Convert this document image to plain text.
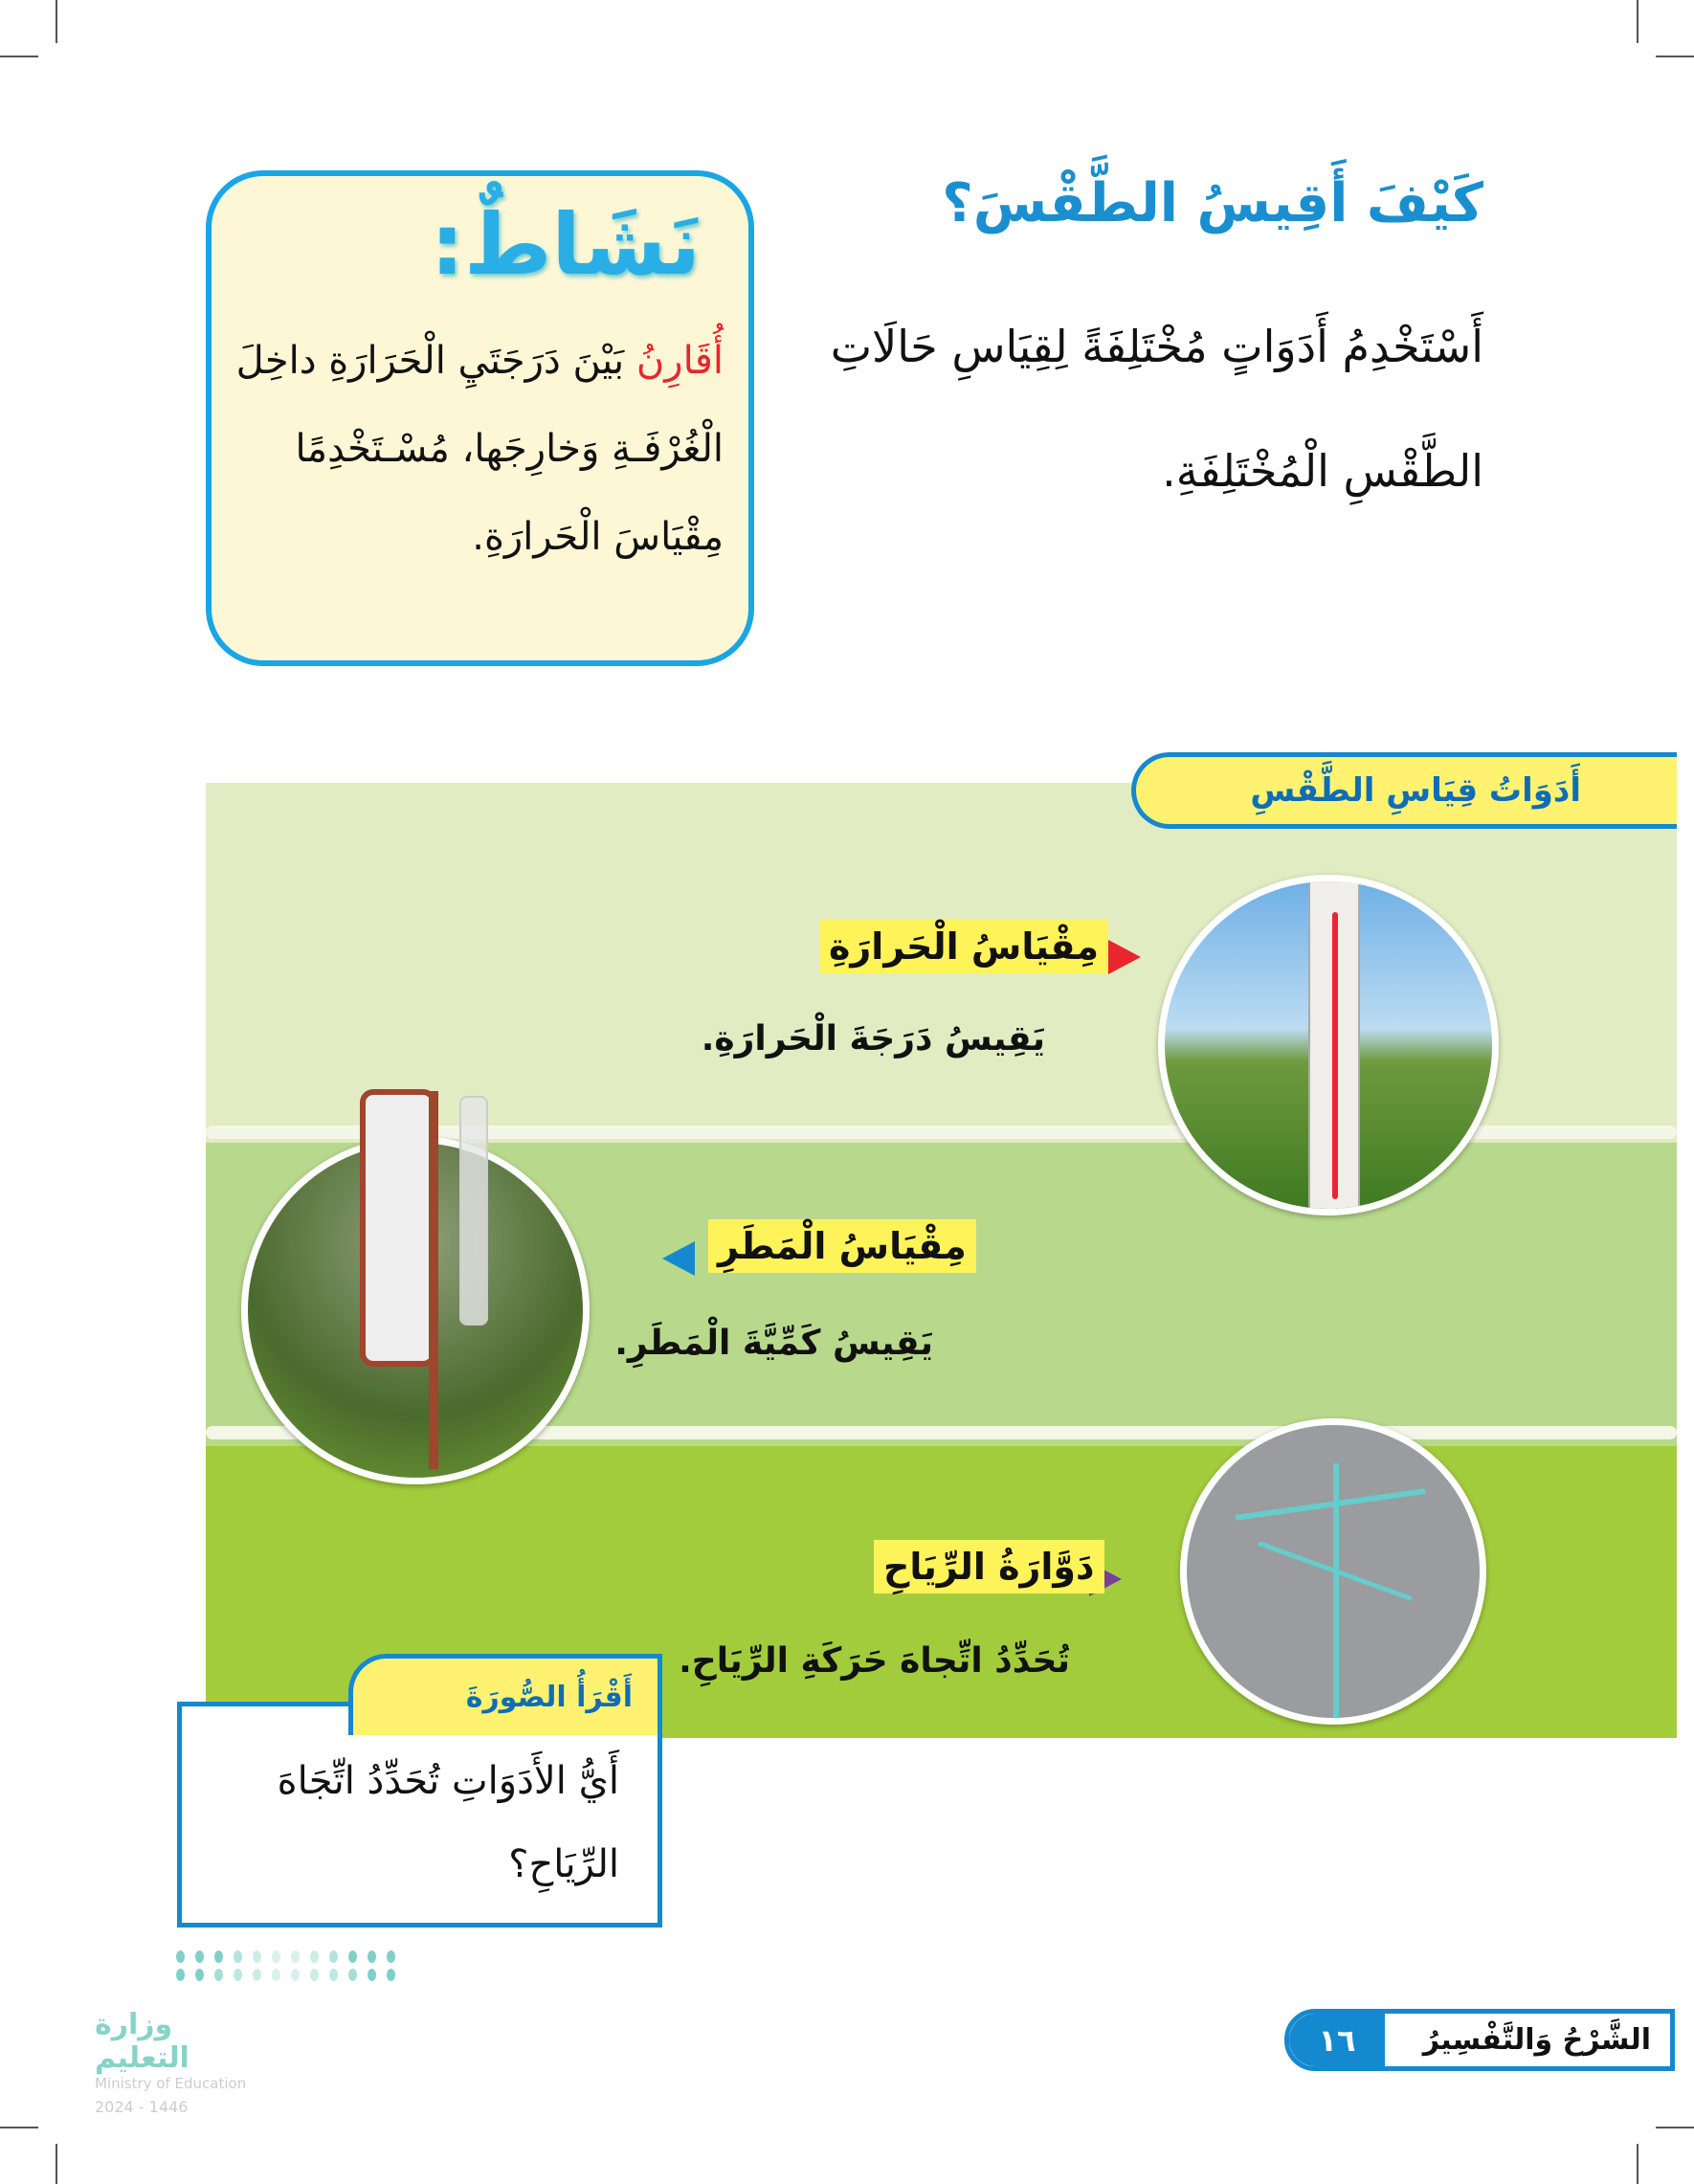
كَيْفَ أَقِيسُ الطَّقْسَ؟
أَسْتَخْدِمُ أَدَوَاتٍ مُخْتَلِفَةً لِقِيَاسِ حَالَاتِ
الطَّقْسِ الْمُخْتَلِفَةِ.
نَشَاطٌ:
أُقَارِنُ بَيْنَ دَرَجَتَيِ الْحَرَارَةِ داخِلَ
الْغُرْفَـةِ وَخارِجَها، مُسْـتَخْدِمًا
مِقْيَاسَ الْحَرارَةِ.
أَدَوَاتُ قِيَاسِ الطَّقْسِ
مِقْيَاسُ الْحَرارَةِ
يَقِيسُ دَرَجَةَ الْحَرارَةِ.
مِقْيَاسُ الْمَطَرِ
يَقِيسُ كَمِّيَّةَ الْمَطَرِ.
دَوَّارَةُ الرِّيَاحِ
تُحَدِّدُ اتِّجاهَ حَرَكَةِ الرِّيَاحِ.
أَيُّ الأَدَوَاتِ تُحَدِّدُ اتِّجَاهَ
الرِّيَاحِ؟
أَقْرَأُ الصُّورَةَ
١٦	الشَّرْحُ وَالتَّفْسِيرُ
وزارة التعليم
Ministry of Education
2024 - 1446
